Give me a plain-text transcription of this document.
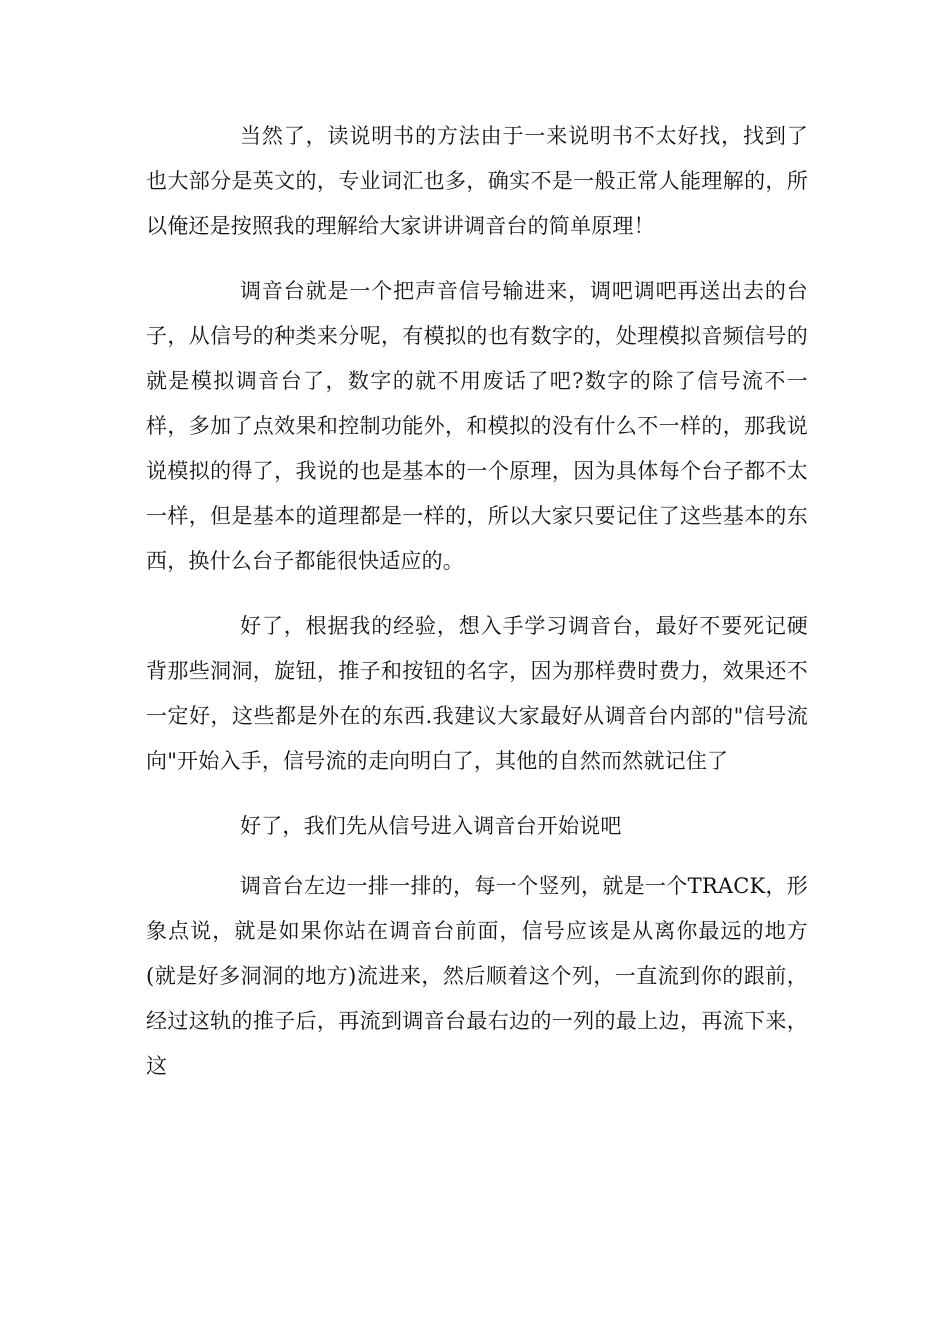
当然了，读说明书的方法由于一来说明书不太好找，找到了也大部分是英文的，专业词汇也多，确实不是一般正常人能理解的，所以俺还是按照我的理解给大家讲讲调音台的简单原理！

调音台就是一个把声音信号输进来，调吧调吧再送出去的台子，从信号的种类来分呢，有模拟的也有数字的，处理模拟音频信号的就是模拟调音台了，数字的就不用废话了吧?数字的除了信号流不一样，多加了点效果和控制功能外，和模拟的没有什么不一样的，那我说说模拟的得了，我说的也是基本的一个原理，因为具体每个台子都不太一样，但是基本的道理都是一样的，所以大家只要记住了这些基本的东西，换什么台子都能很快适应的。

好了，根据我的经验，想入手学习调音台，最好不要死记硬背那些洞洞，旋钮，推子和按钮的名字，因为那样费时费力，效果还不一定好，这些都是外在的东西.我建议大家最好从调音台内部的"信号流向"开始入手，信号流的走向明白了，其他的自然而然就记住了

好了，我们先从信号进入调音台开始说吧

调音台左边一排一排的，每一个竖列，就是一个TRACK，形象点说，就是如果你站在调音台前面，信号应该是从离你最远的地方(就是好多洞洞的地方)流进来，然后顺着这个列，一直流到你的跟前，经过这轨的推子后，再流到调音台最右边的一列的最上边，再流下来，这
